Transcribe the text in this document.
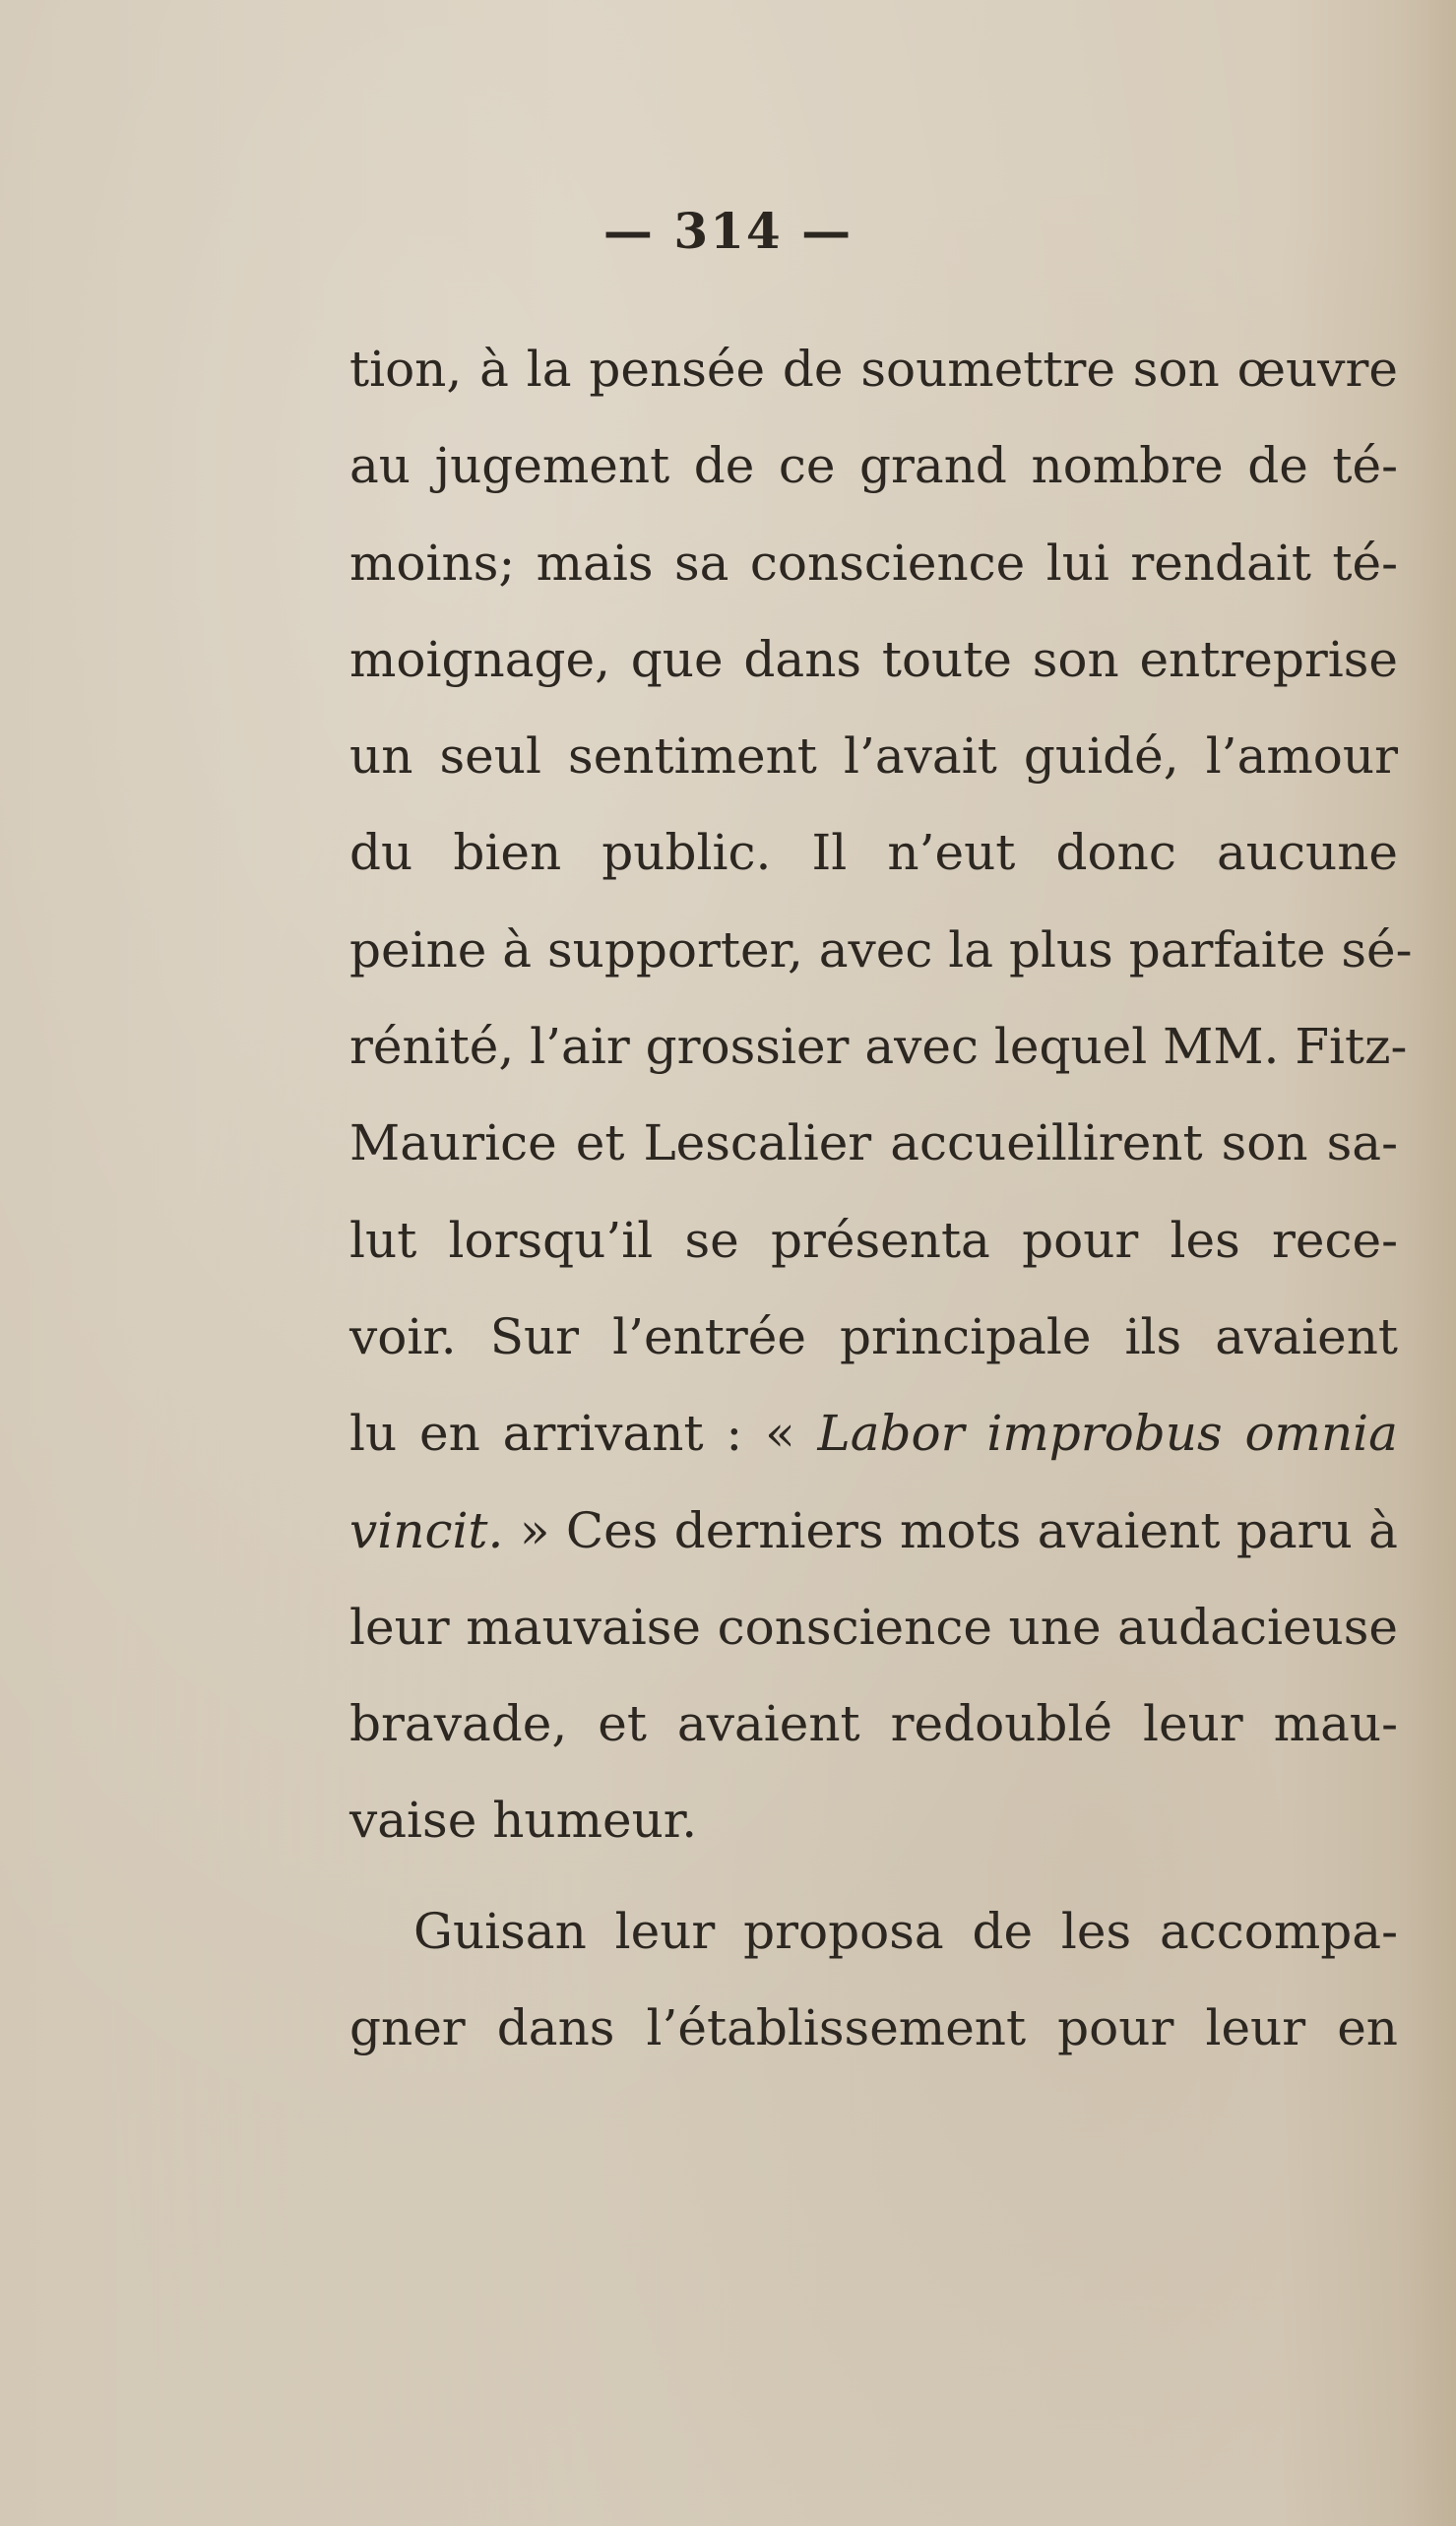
— 314 —
tion, à la pensée de soumettre son œuvre
au jugement de ce grand nombre de té-
moins; mais sa conscience lui rendait té-
moignage, que dans toute son entreprise
un seul sentiment l’avait guidé, l’amour
du bien public. Il n’eut donc aucune
peine à supporter, avec la plus parfaite sé-
rénité, l’air grossier avec lequel MM. Fitz-
Maurice et Lescalier accueillirent son sa-
lut lorsqu’il se présenta pour les rece-
voir. Sur l’entrée principale ils avaient
lu en arrivant : « Labor improbus omnia
vincit. » Ces derniers mots avaient paru à
leur mauvaise conscience une audacieuse
bravade, et avaient redoublé leur mau-
vaise humeur.
Guisan leur proposa de les accompa-
gner dans l’établissement pour leur en
